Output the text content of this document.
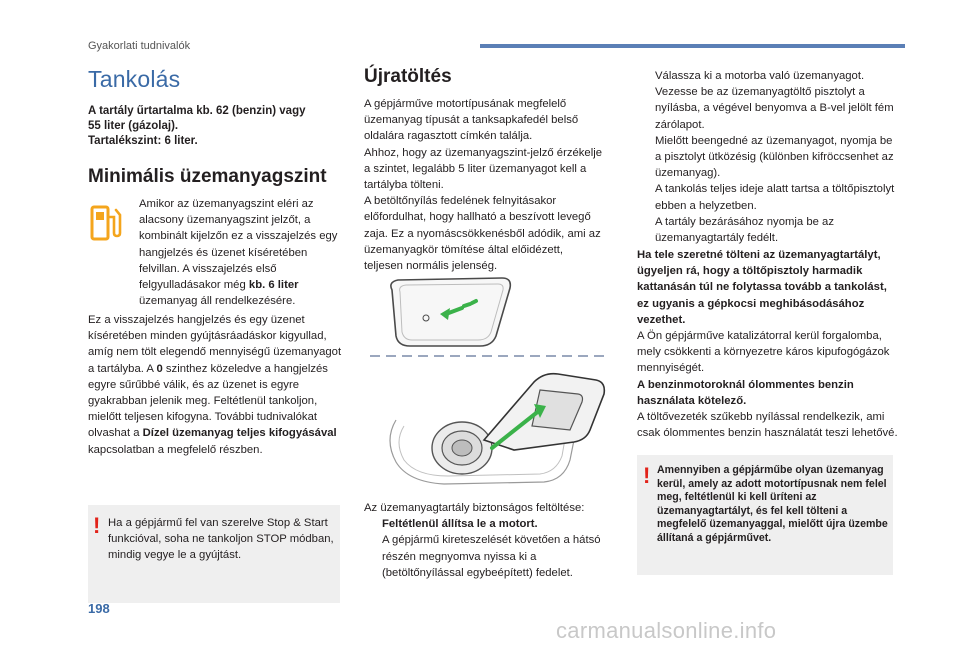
Gyakorlati tudnivalók
Tankolás
A tartály űrtartalma kb. 62 (benzin) vagy
55 liter (gázolaj).
Tartalékszint: 6 liter.
Minimális üzemanyagszint

Amikor az üzemanyagszint eléri az alacsony üzemanyagszint jelzőt, a kombinált kijelzőn ez a visszajelzés egy hangjelzés és üzenet kíséretében felvillan. A visszajelzés első felgyulladásakor még kb. 6 liter üzemanyag áll rendelkezésére.

Ez a visszajelzés hangjelzés és egy üzenet kíséretében minden gyújtásráadáskor kigyullad, amíg nem tölt elegendő mennyiségű üzemanyagot a tartályba. A 0 szinthez közeledve a hangjelzés egyre sűrűbbé válik, és az üzenet is egyre gyakrabban jelenik meg. Feltétlenül tankoljon, mielőtt teljesen kifogyna. További tudnivalókat olvashat a Dízel üzemanyag teljes kifogyásával kapcsolatban a megfelelő részben.

! Ha a gépjármű fel van szerelve Stop & Start funkcióval, soha ne tankoljon STOP módban, mindig vegye le a gyújtást.
Újratöltés

A gépjárműve motortípusának megfelelő üzemanyag típusát a tanksapkafedél belső oldalára ragasztott címkén találja.
Ahhoz, hogy az üzemanyagszint-jelző érzékelje a szintet, legalább 5 liter üzemanyagot kell a tartályba tölteni.
A betöltőnyílás fedelének felnyitásakor előfordulhat, hogy hallható a beszívott levegő zaja. Ez a nyomáscsökkenésből adódik, ami az üzemanyagkör tömítése által előidézett, teljesen normális jelenség.

Az üzemanyagtartály biztonságos feltöltése:

Feltétlenül állítsa le a motort.
A gépjármű kireteszelését követően a hátsó részén megnyomva nyissa ki a (betöltőnyílással egybeépített) fedelet.
Válassza ki a motorba való üzemanyagot.
Vezesse be az üzemanyagtöltő pisztolyt a nyílásba, a végével benyomva a B-vel jelölt fém zárólapot.
Mielőtt beengedné az üzemanyagot, nyomja be a pisztolyt ütközésig (különben kifröccsenhet az üzemanyag).
A tankolás teljes ideje alatt tartsa a töltőpisztolyt ebben a helyzetben.
A tartály bezárásához nyomja be az üzemanyagtartály fedélt.

Ha tele szeretné tölteni az üzemanyagtartályt, ügyeljen rá, hogy a töltőpisztoly harmadik kattanásán túl ne folytassa tovább a tankolást, ez ugyanis a gépkocsi meghibásodásához vezethet.

A Ön gépjárműve katalizátorral kerül forgalomba, mely csökkenti a környezetre káros kipufogógázok mennyiségét.

A benzinmotoroknál ólommentes benzin használata kötelező.

A töltővezeték szűkebb nyílással rendelkezik, ami csak ólommentes benzin használatát teszi lehetővé.

! Amennyiben a gépjárműbe olyan üzemanyag kerül, amely az adott motortípusnak nem felel meg, feltétlenül ki kell üríteni az üzemanyagtartályt, és fel kell tölteni a megfelelő üzemanyaggal, mielőtt újra üzembe állítaná a gépjárművet.
198
carmanualsonline.info
